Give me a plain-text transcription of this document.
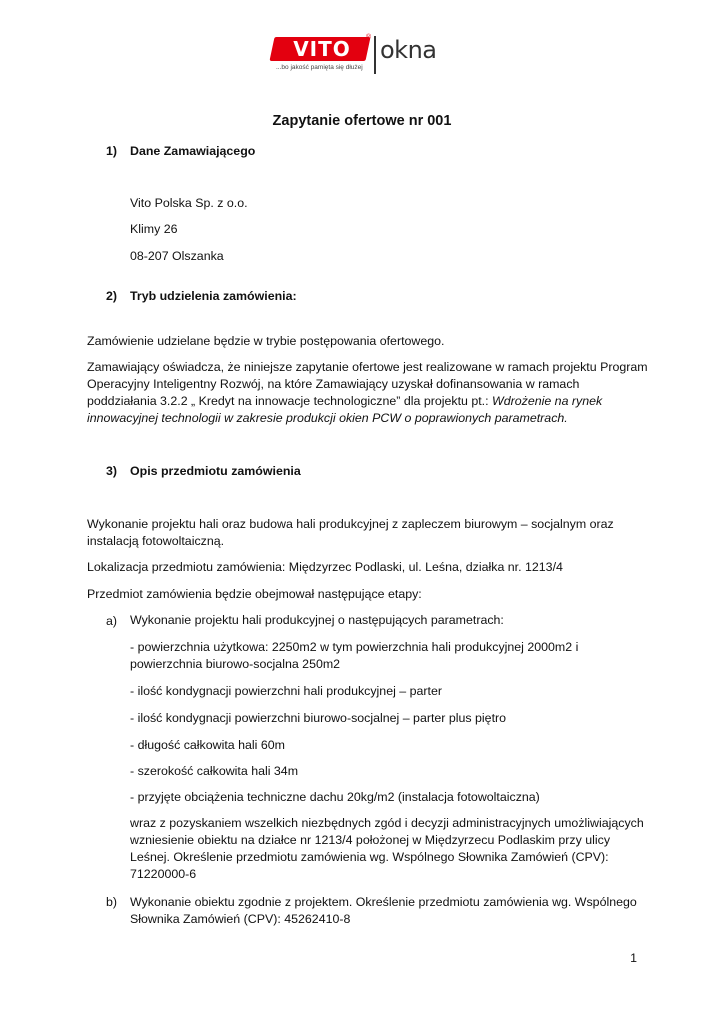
VITO	®
...bo jakość pamięta się dłużej
okna
Zapytanie ofertowe nr 001
1) Dane Zamawiającego
Vito Polska Sp. z o.o.
Klimy 26
08-207 Olszanka
2) Tryb udzielenia zamówienia:
Zamówienie udzielane będzie w trybie postępowania ofertowego.
Zamawiający oświadcza, że niniejsze zapytanie ofertowe jest realizowane w ramach projektu Program
Operacyjny Inteligentny Rozwój, na które Zamawiający uzyskał dofinansowania w ramach
poddziałania 3.2.2 „ Kredyt na innowacje technologiczne” dla projektu pt.: Wdrożenie na rynek
innowacyjnej technologii w zakresie produkcji okien PCW o poprawionych parametrach.
3) Opis przedmiotu zamówienia
Wykonanie projektu hali oraz budowa hali produkcyjnej z zapleczem biurowym – socjalnym oraz
instalacją fotowoltaiczną.
Lokalizacja przedmiotu zamówienia: Międzyrzec Podlaski, ul. Leśna, działka nr. 1213/4
Przedmiot zamówienia będzie obejmował następujące etapy:
a) Wykonanie projektu hali produkcyjnej o następujących parametrach:
- powierzchnia użytkowa: 2250m2 w tym powierzchnia hali produkcyjnej 2000m2 i
powierzchnia biurowo-socjalna 250m2
- ilość kondygnacji powierzchni hali produkcyjnej – parter
- ilość kondygnacji powierzchni biurowo-socjalnej – parter plus piętro
- długość całkowita hali 60m
- szerokość całkowita hali 34m
- przyjęte obciążenia techniczne dachu 20kg/m2 (instalacja fotowoltaiczna)
wraz z pozyskaniem wszelkich niezbędnych zgód i decyzji administracyjnych umożliwiających
wzniesienie obiektu na działce nr 1213/4 położonej w Międzyrzecu Podlaskim przy ulicy
Leśnej. Określenie przedmiotu zamówienia wg. Wspólnego Słownika Zamówień (CPV):
71220000-6
b) Wykonanie obiektu zgodnie z projektem. Określenie przedmiotu zamówienia wg. Wspólnego
Słownika Zamówień (CPV): 45262410-8
1
